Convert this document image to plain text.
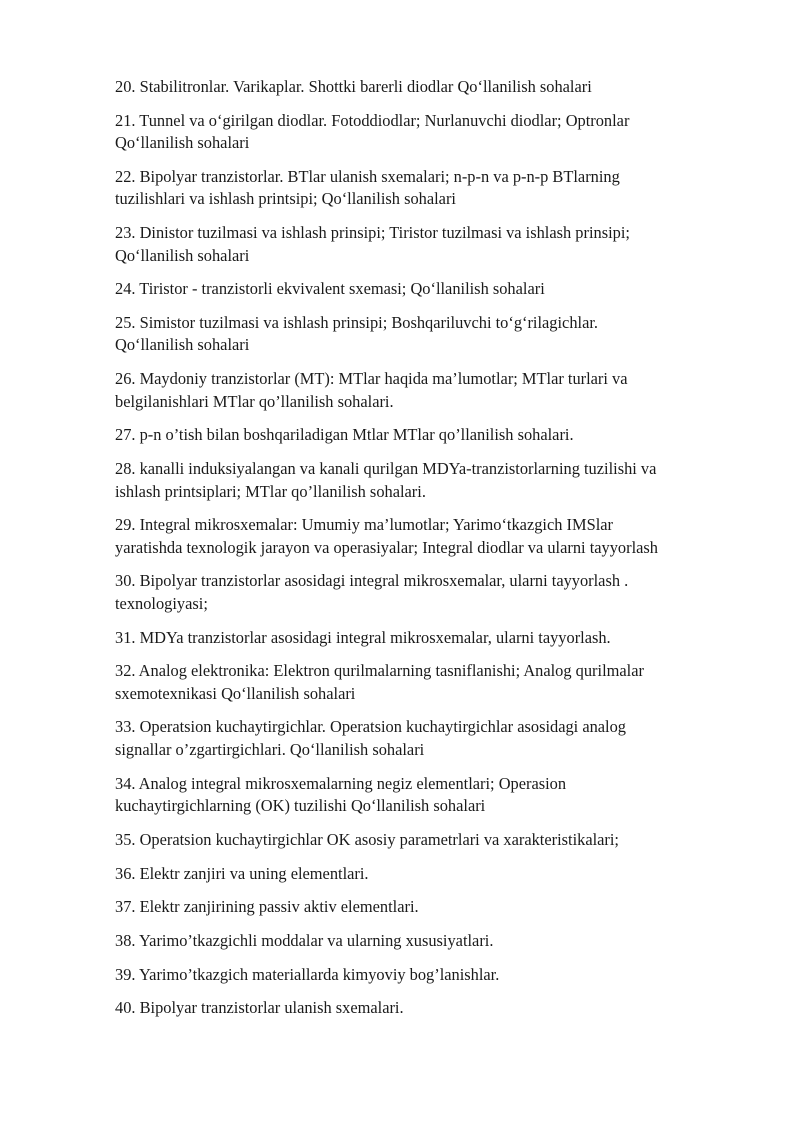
20. Stabilitronlar. Varikaplar. Shottki barerli diodlar Qo‘llanilish sohalari

21. Tunnel va o‘girilgan diodlar. Fotoddiodlar; Nurlanuvchi diodlar; Optronlar
Qo‘llanilish sohalari

22. Bipolyar tranzistorlar. BTlar ulanish sxemalari; n-p-n va p-n-p BTlarning
tuzilishlari va ishlash printsipi; Qo‘llanilish sohalari

23. Dinistor tuzilmasi va ishlash prinsipi; Tiristor tuzilmasi va ishlash prinsipi;
Qo‘llanilish sohalari

24. Tiristor - tranzistorli ekvivalent sxemasi; Qo‘llanilish sohalari

25. Simistor tuzilmasi va ishlash prinsipi; Boshqariluvchi to‘g‘rilagichlar.
Qo‘llanilish sohalari

26. Maydoniy tranzistorlar (MT): MTlar haqida ma’lumotlar; MTlar turlari va
belgilanishlari MTlar qo’llanilish sohalari.

27. p-n o’tish bilan boshqariladigan Mtlar MTlar qo’llanilish sohalari.

28. kanalli induksiyalangan va kanali qurilgan MDYa-tranzistorlarning tuzilishi va
ishlash printsiplari; MTlar qo’llanilish sohalari.

29. Integral mikrosxemalar: Umumiy ma’lumotlar; Yarimo‘tkazgich IMSlar
yaratishda texnologik jarayon va operasiyalar; Integral diodlar va ularni tayyorlash

30. Bipolyar tranzistorlar asosidagi integral mikrosxemalar, ularni tayyorlash .
texnologiyasi;

31. MDYa tranzistorlar asosidagi integral mikrosxemalar, ularni tayyorlash.

32. Analog elektronika: Elektron qurilmalarning tasniflanishi; Analog qurilmalar
sxemotexnikasi Qo‘llanilish sohalari

33. Operatsion kuchaytirgichlar. Operatsion kuchaytirgichlar asosidagi analog
signallar o’zgartirgichlari. Qo‘llanilish sohalari

34. Analog integral mikrosxemalarning negiz elementlari; Operasion
kuchaytirgichlarning (OK) tuzilishi Qo‘llanilish sohalari

35. Operatsion kuchaytirgichlar OK asosiy parametrlari va xarakteristikalari;

36. Elektr zanjiri va uning elementlari.

37. Elektr zanjirining passiv aktiv elementlari.

38. Yarimo’tkazgichli moddalar va ularning xususiyatlari.

39. Yarimo’tkazgich materiallarda kimyoviy bog’lanishlar.

40. Bipolyar tranzistorlar ulanish sxemalari.
